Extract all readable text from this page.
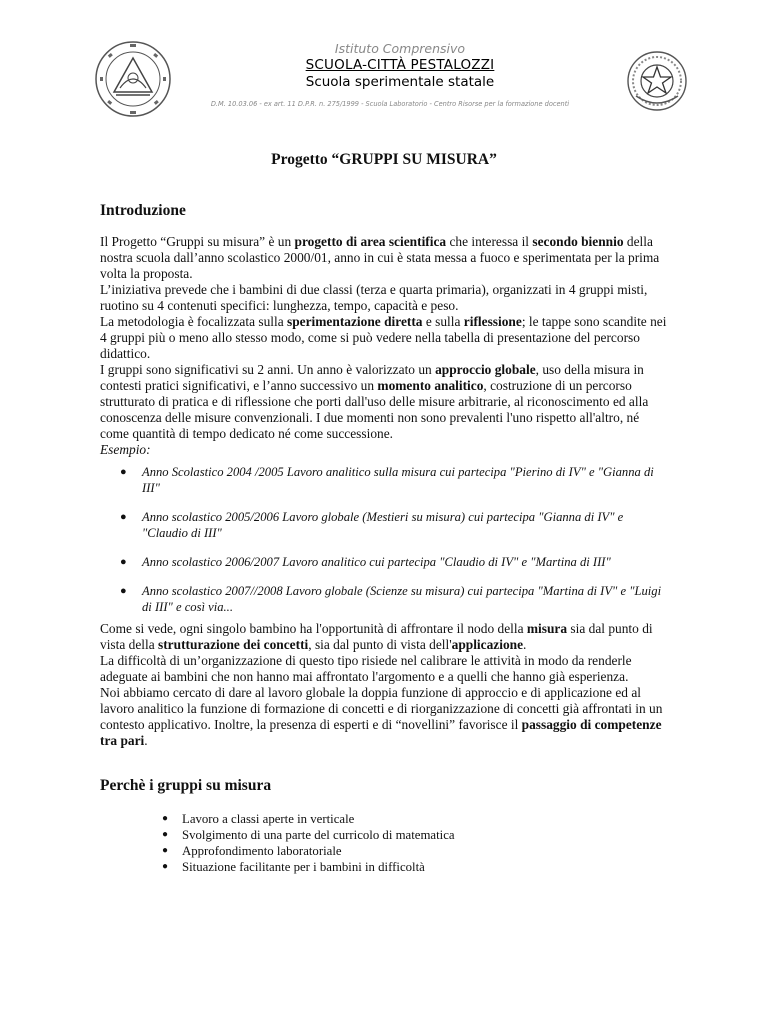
Istituto Comprensivo
SCUOLA-CITTÀ PESTALOZZI
Scuola sperimentale statale
D.M. 10.03.06 - ex art. 11 D.P.R. n. 275/1999 - Scuola Laboratorio - Centro Risorse per la formazione docenti
Progetto “GRUPPI SU MISURA”
Introduzione

Il Progetto “Gruppi su misura” è un progetto di area scientifica che interessa il secondo biennio della nostra scuola dall’anno scolastico 2000/01, anno in cui è stata messa a fuoco e sperimentata per la prima volta la proposta.

L’iniziativa prevede che i bambini di due classi (terza e quarta primaria), organizzati in 4 gruppi misti, ruotino su 4 contenuti specifici: lunghezza, tempo, capacità e peso.

La metodologia è focalizzata sulla sperimentazione diretta e sulla riflessione; le tappe sono scandite nei 4 gruppi più o meno allo stesso modo, come si può vedere nella tabella di presentazione del percorso didattico.

I gruppi sono significativi su 2 anni. Un anno è valorizzato un approccio globale, uso della misura in contesti pratici significativi, e l’anno successivo un momento analitico, costruzione di un percorso strutturato di pratica e di riflessione che porti dall'uso delle misure arbitrarie, al riconoscimento ed alla conoscenza delle misure convenzionali. I due momenti non sono prevalenti l'uno rispetto all'altro, né come quantità di tempo dedicato né come successione.

Esempio:

● Anno Scolastico 2004 /2005 Lavoro analitico sulla misura cui partecipa "Pierino di IV" e "Gianna di III"
● Anno scolastico 2005/2006 Lavoro globale (Mestieri su misura) cui partecipa "Gianna di IV" e "Claudio di III"
● Anno scolastico 2006/2007 Lavoro analitico cui partecipa "Claudio di IV" e "Martina di III"
● Anno scolastico 2007//2008 Lavoro globale (Scienze su misura) cui partecipa "Martina di IV" e "Luigi di III" e così via...

Come si vede, ogni singolo bambino ha l'opportunità di affrontare il nodo della misura sia dal punto di vista della strutturazione dei concetti, sia dal punto di vista dell'applicazione.

La difficoltà di un’organizzazione di questo tipo risiede nel calibrare le attività in modo da renderle adeguate ai bambini che non hanno mai affrontato l'argomento e a quelli che hanno già esperienza.

Noi abbiamo cercato di dare al lavoro globale la doppia funzione di approccio e di applicazione ed al lavoro analitico la funzione di formazione di concetti e di riorganizzazione di concetti già affrontati in un contesto applicativo. Inoltre, la presenza di esperti e di “novellini” favorisce il passaggio di competenze tra pari.

Perchè i gruppi su misura
● Lavoro a classi aperte in verticale
● Svolgimento di una parte del curricolo di matematica
● Approfondimento laboratoriale
● Situazione facilitante per i bambini in difficoltà
